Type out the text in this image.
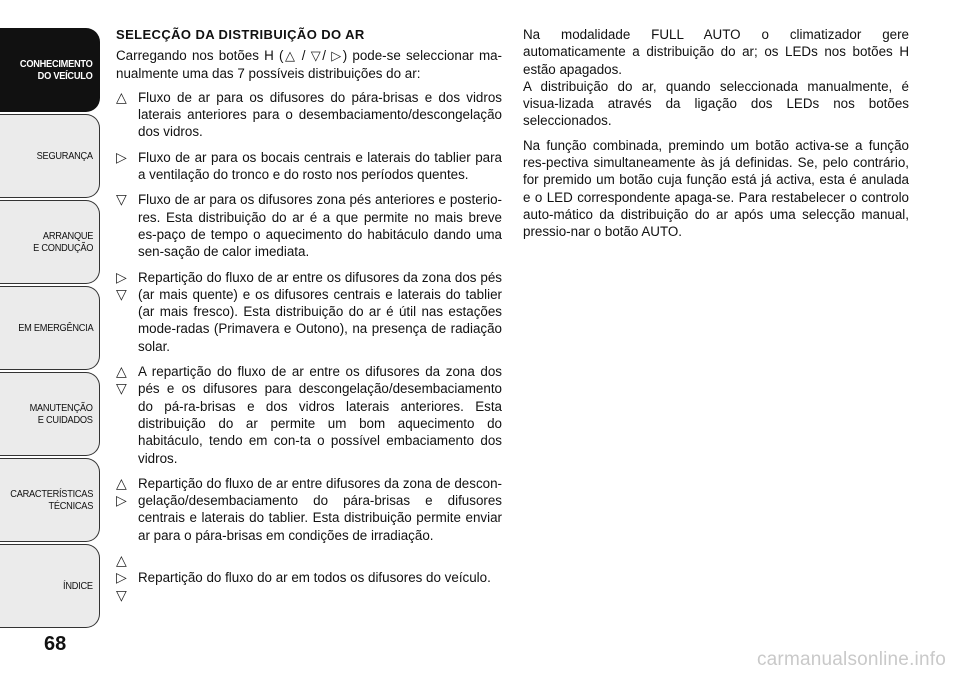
CONHECIMENTO
DO VEÍCULO
SEGURANÇA
ARRANQUE
E CONDUÇÃO
EM EMERGÊNCIA
MANUTENÇÃO
E CUIDADOS
CARACTERÍSTICAS
TÉCNICAS
ÍNDICE
68
SELECÇÃO DA DISTRIBUIÇÃO DO AR

Carregando nos botões H (△ / ▽/ ▷) pode-se seleccionar ma-nualmente uma das 7 possíveis distribuições do ar:

△ Fluxo de ar para os difusores do pára-brisas e dos vidros laterais anteriores para o desembaciamento/descongelação dos vidros.
▷ Fluxo de ar para os bocais centrais e laterais do tablier para a ventilação do tronco e do rosto nos períodos quentes.
▽ Fluxo de ar para os difusores zona pés anteriores e posterio-res. Esta distribuição do ar é a que permite no mais breve es-paço de tempo o aquecimento do habitáculo dando uma sen-sação de calor imediata.
▷
▽
Repartição do fluxo de ar entre os difusores da zona dos pés (ar mais quente) e os difusores centrais e laterais do tablier (ar mais fresco). Esta distribuição do ar é útil nas estações mode-radas (Primavera e Outono), na presença de radiação solar.
△
▽
A repartição do fluxo de ar entre os difusores da zona dos pés e os difusores para descongelação/desembaciamento do pá-ra-brisas e dos vidros laterais anteriores. Esta distribuição do ar permite um bom aquecimento do habitáculo, tendo em con-ta o possível embaciamento dos vidros.
△
▷
Repartição do fluxo de ar entre difusores da zona de descon-gelação/desembaciamento do pára-brisas e difusores centrais e laterais do tablier. Esta distribuição permite enviar ar para o pára-brisas em condições de irradiação.
△
▷
▽
Repartição do fluxo do ar em todos os difusores do veículo.

Na modalidade FULL AUTO o climatizador gere automaticamente a distribuição do ar; os LEDs nos botões H estão apagados.

A distribuição do ar, quando seleccionada manualmente, é visua-lizada através da ligação dos LEDs nos botões seleccionados.

Na função combinada, premindo um botão activa-se a função res-pectiva simultaneamente às já definidas. Se, pelo contrário, for premido um botão cuja função está já activa, esta é anulada e o LED correspondente apaga-se. Para restabelecer o controlo auto-mático da distribuição do ar após uma selecção manual, pressio-nar o botão AUTO.

carmanualsonline.info
